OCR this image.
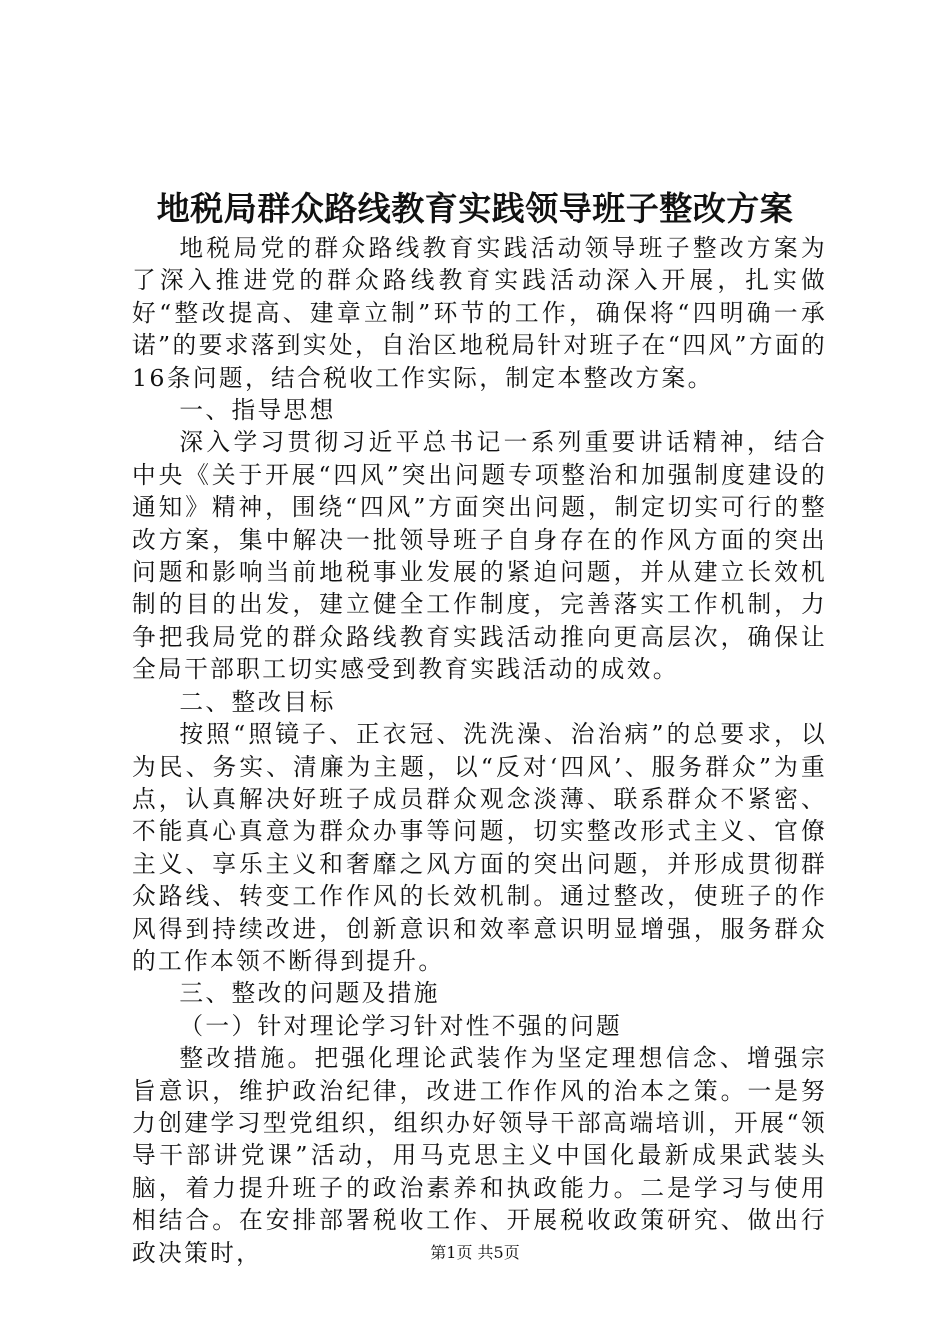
地税局群众路线教育实践领导班子整改方案

地税局党的群众路线教育实践活动领导班子整改方案为了深入推进党的群众路线教育实践活动深入开展，扎实做好“整改提高、建章立制”环节的工作，确保将“四明确一承诺”的要求落到实处，自治区地税局针对班子在“四风”方面的16条问题，结合税收工作实际，制定本整改方案。

一、指导思想

深入学习贯彻习近平总书记一系列重要讲话精神，结合中央《关于开展“四风”突出问题专项整治和加强制度建设的通知》精神，围绕“四风”方面突出问题，制定切实可行的整改方案，集中解决一批领导班子自身存在的作风方面的突出问题和影响当前地税事业发展的紧迫问题，并从建立长效机制的目的出发，建立健全工作制度，完善落实工作机制，力争把我局党的群众路线教育实践活动推向更高层次，确保让全局干部职工切实感受到教育实践活动的成效。

二、整改目标

按照“照镜子、正衣冠、洗洗澡、治治病”的总要求，以为民、务实、清廉为主题，以“反对‘四风’、服务群众”为重点，认真解决好班子成员群众观念淡薄、联系群众不紧密、不能真心真意为群众办事等问题，切实整改形式主义、官僚主义、享乐主义和奢靡之风方面的突出问题，并形成贯彻群众路线、转变工作作风的长效机制。通过整改，使班子的作风得到持续改进，创新意识和效率意识明显增强，服务群众的工作本领不断得到提升。

三、整改的问题及措施

（一）针对理论学习针对性不强的问题

整改措施。把强化理论武装作为坚定理想信念、增强宗旨意识，维护政治纪律，改进工作作风的治本之策。一是努力创建学习型党组织，组织办好领导干部高端培训，开展“领导干部讲党课”活动，用马克思主义中国化最新成果武装头脑，着力提升班子的政治素养和执政能力。二是学习与使用相结合。在安排部署税收工作、开展税收政策研究、做出行政决策时，	第1页 共5页
